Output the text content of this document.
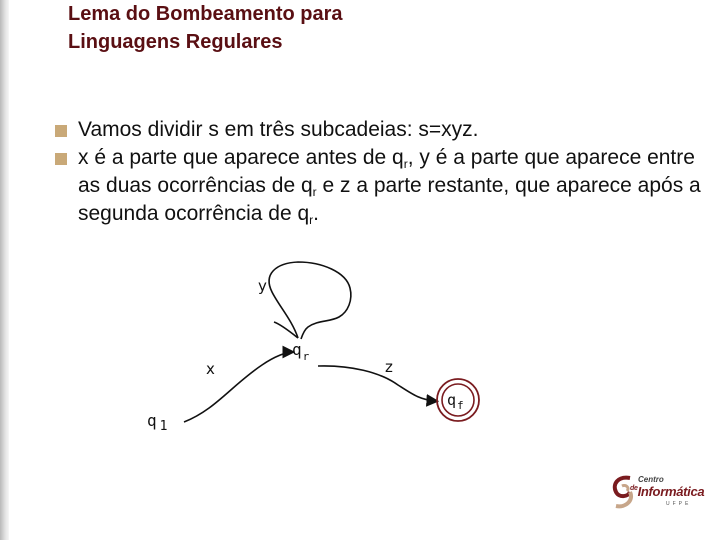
Lema do Bombeamento para
Linguagens Regulares
Vamos dividir s em três subcadeias: s=xyz.
x é a parte que aparece antes de $q_r$, y é a parte que aparece entre as duas ocorrências de $q_r$ e z a parte restante, que aparece após a segunda ocorrência de $q_r$.
q $_1$
$q_r$
$q_f$
x
y
z
Centro
$^{de}$Informática
UFPE
